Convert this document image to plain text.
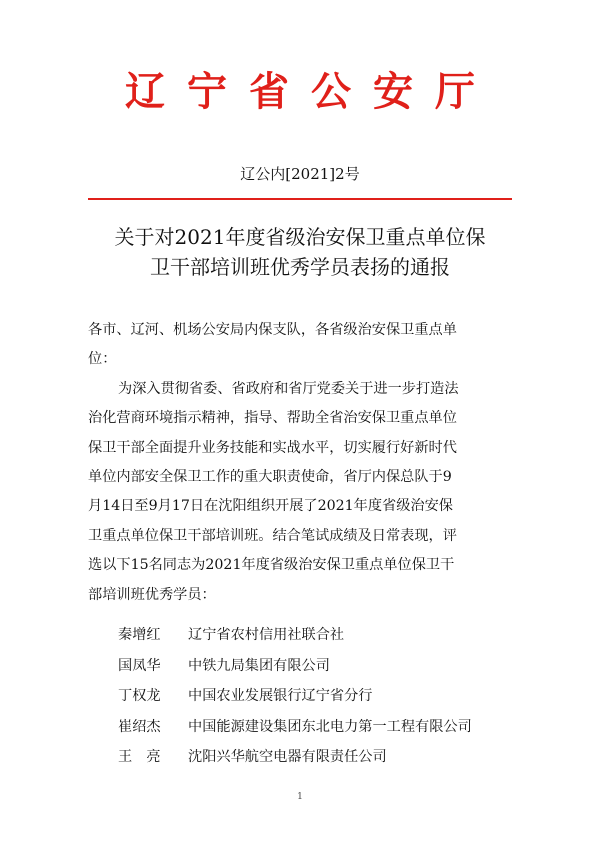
辽宁省公安厅
辽公内[2021]2号
关于对2021年度省级治安保卫重点单位保
卫干部培训班优秀学员表扬的通报
各市、辽河、机场公安局内保支队，各省级治安保卫重点单
位：
为深入贯彻省委、省政府和省厅党委关于进一步打造法
治化营商环境指示精神，指导、帮助全省治安保卫重点单位
保卫干部全面提升业务技能和实战水平，切实履行好新时代
单位内部安全保卫工作的重大职责使命，省厅内保总队于9
月14日至9月17日在沈阳组织开展了2021年度省级治安保
卫重点单位保卫干部培训班。结合笔试成绩及日常表现，评
选以下15名同志为2021年度省级治安保卫重点单位保卫干
部培训班优秀学员：
秦增红	辽宁省农村信用社联合社
国凤华	中铁九局集团有限公司
丁权龙	中国农业发展银行辽宁省分行
崔绍杰	中国能源建设集团东北电力第一工程有限公司
王　亮	沈阳兴华航空电器有限责任公司
1
